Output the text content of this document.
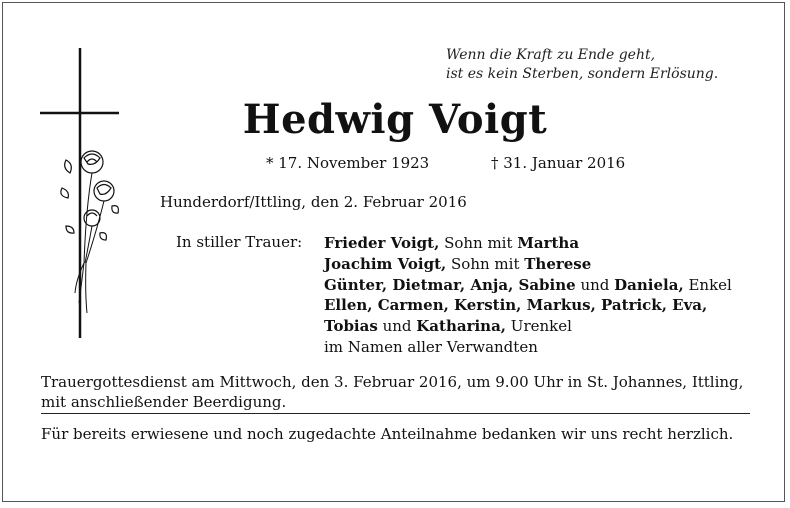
Wenn die Kraft zu Ende geht,
ist es kein Sterben, sondern Erlösung.
Hedwig Voigt
* 17. November 1923	† 31. Januar 2016
Hunderdorf/Ittling, den 2. Februar 2016
In stiller Trauer: Frieder Voigt, Sohn mit Martha
Joachim Voigt, Sohn mit Therese
Günter, Dietmar, Anja, Sabine und Daniela, Enkel
Ellen, Carmen, Kerstin, Markus, Patrick, Eva,
Tobias und Katharina, Urenkel
im Namen aller Verwandten
Trauergottesdienst am Mittwoch, den 3. Februar 2016, um 9.00 Uhr in St. Johannes, Ittling, mit anschließender Beerdigung.
Für bereits erwiesene und noch zugedachte Anteilnahme bedanken wir uns recht herzlich.
